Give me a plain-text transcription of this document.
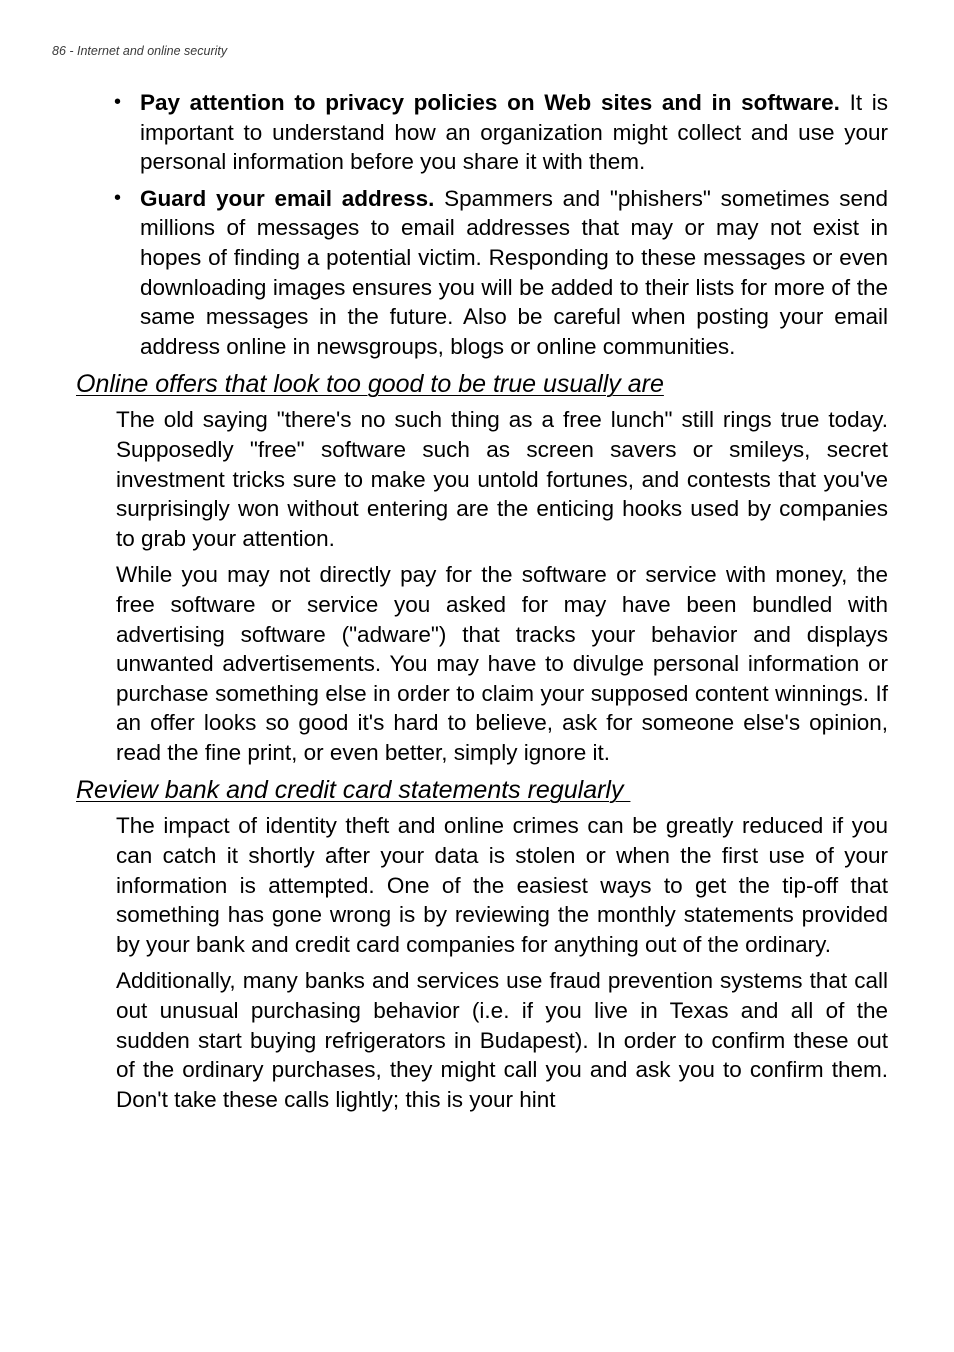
86 - Internet and online security

• Pay attention to privacy policies on Web sites and in software. It is important to understand how an organization might collect and use your personal information before you share it with them.
• Guard your email address. Spammers and "phishers" sometimes send millions of messages to email addresses that may or may not exist in hopes of finding a potential victim. Responding to these messages or even downloading images ensures you will be added to their lists for more of the same messages in the future. Also be careful when posting your email address online in newsgroups, blogs or online communities.
Online offers that look too good to be true usually are

The old saying "there's no such thing as a free lunch" still rings true today. Supposedly "free" software such as screen savers or smileys, secret investment tricks sure to make you untold fortunes, and contests that you've surprisingly won without entering are the enticing hooks used by companies to grab your attention.

While you may not directly pay for the software or service with money, the free software or service you asked for may have been bundled with advertising software ("adware") that tracks your behavior and displays unwanted advertisements. You may have to divulge personal information or purchase something else in order to claim your supposed content winnings. If an offer looks so good it's hard to believe, ask for someone else's opinion, read the fine print, or even better, simply ignore it.

Review bank and credit card statements regularly

The impact of identity theft and online crimes can be greatly reduced if you can catch it shortly after your data is stolen or when the first use of your information is attempted. One of the easiest ways to get the tip-off that something has gone wrong is by reviewing the monthly statements provided by your bank and credit card companies for anything out of the ordinary.

Additionally, many banks and services use fraud prevention systems that call out unusual purchasing behavior (i.e. if you live in Texas and all of the sudden start buying refrigerators in Budapest). In order to confirm these out of the ordinary purchases, they might call you and ask you to confirm them. Don't take these calls lightly; this is your hint
